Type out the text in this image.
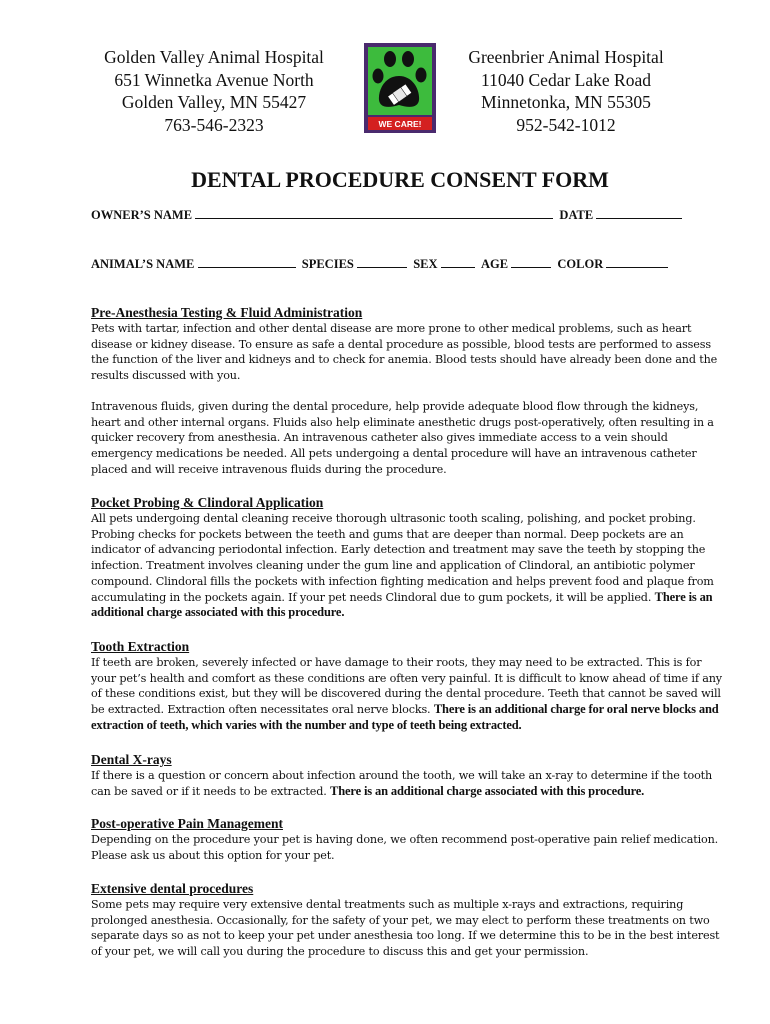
Golden Valley Animal Hospital
651 Winnetka Avenue North
Golden Valley, MN 55427
763-546-2323	WE CARE!
Greenbrier Animal Hospital
11040 Cedar Lake Road
Minnetonka, MN 55305
952-542-1012
DENTAL PROCEDURE CONSENT FORM
OWNER’S NAME	DATE
ANIMAL’S NAME	SPECIES	SEX	AGE	COLOR
Pre-Anesthesia Testing & Fluid Administration

Pets with tartar, infection and other dental disease are more prone to other medical problems, such as heart disease or kidney disease. To ensure as safe a dental procedure as possible, blood tests are performed to assess the function of the liver and kidneys and to check for anemia. Blood tests should have already been done and the results discussed with you.

Intravenous fluids, given during the dental procedure, help provide adequate blood flow through the kidneys, heart and other internal organs. Fluids also help eliminate anesthetic drugs post-operatively, often resulting in a quicker recovery from anesthesia. An intravenous catheter also gives immediate access to a vein should emergency medications be needed. All pets undergoing a dental procedure will have an intravenous catheter placed and will receive intravenous fluids during the procedure.

Pocket Probing & Clindoral Application

All pets undergoing dental cleaning receive thorough ultrasonic tooth scaling, polishing, and pocket probing. Probing checks for pockets between the teeth and gums that are deeper than normal. Deep pockets are an indicator of advancing periodontal infection. Early detection and treatment may save the teeth by stopping the infection. Treatment involves cleaning under the gum line and application of Clindoral, an antibiotic polymer compound. Clindoral fills the pockets with infection fighting medication and helps prevent food and plaque from accumulating in the pockets again. If your pet needs Clindoral due to gum pockets, it will be applied. There is an additional charge associated with this procedure.

Tooth Extraction

If teeth are broken, severely infected or have damage to their roots, they may need to be extracted. This is for your pet’s health and comfort as these conditions are often very painful. It is difficult to know ahead of time if any of these conditions exist, but they will be discovered during the dental procedure. Teeth that cannot be saved will be extracted. Extraction often necessitates oral nerve blocks. There is an additional charge for oral nerve blocks and extraction of teeth, which varies with the number and type of teeth being extracted.

Dental X-rays

If there is a question or concern about infection around the tooth, we will take an x-ray to determine if the tooth can be saved or if it needs to be extracted. There is an additional charge associated with this procedure.

Post-operative Pain Management

Depending on the procedure your pet is having done, we often recommend post-operative pain relief medication. Please ask us about this option for your pet.

Extensive dental procedures

Some pets may require very extensive dental treatments such as multiple x-rays and extractions, requiring prolonged anesthesia. Occasionally, for the safety of your pet, we may elect to perform these treatments on two separate days so as not to keep your pet under anesthesia too long. If we determine this to be in the best interest of your pet, we will call you during the procedure to discuss this and get your permission.
